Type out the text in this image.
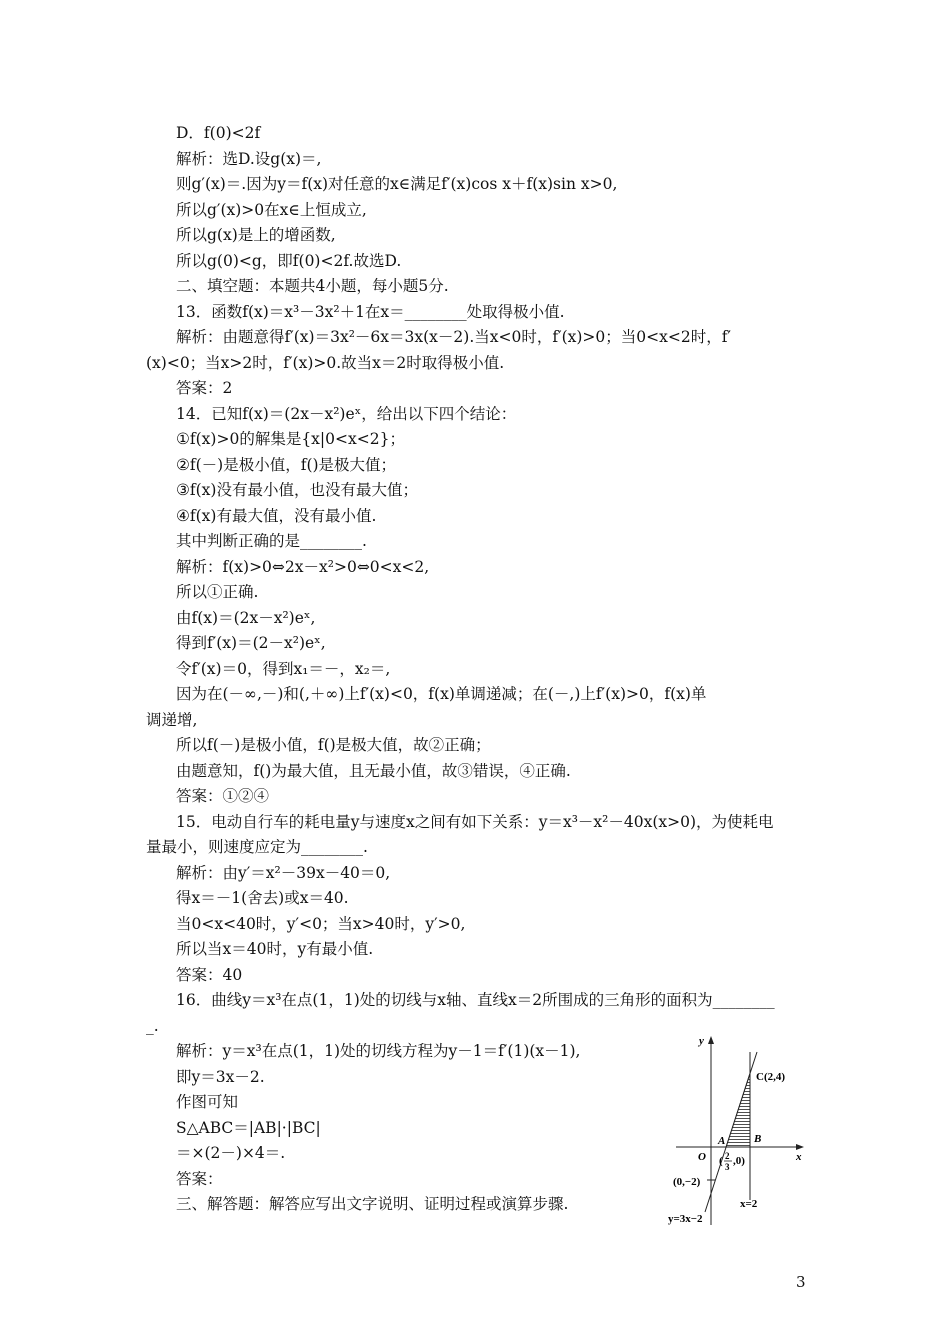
D．f(0)<2f
解析：选D.设g(x)＝,
则g′(x)＝.因为y＝f(x)对任意的x∈满足f′(x)cos x＋f(x)sin x>0,
所以g′(x)>0在x∈上恒成立,
所以g(x)是上的增函数,
所以g(0)<g，即f(0)<2f.故选D.
二、填空题：本题共4小题，每小题5分.
13．函数f(x)＝x³－3x²＋1在x＝________处取得极小值.
解析：由题意得f′(x)＝3x²－6x＝3x(x－2).当x<0时，f′(x)>0；当0<x<2时，f′
(x)<0；当x>2时，f′(x)>0.故当x＝2时取得极小值.
答案：2
14．已知f(x)＝(2x－x²)eˣ，给出以下四个结论：
①f(x)>0的解集是{x|0<x<2}；
②f(－)是极小值，f()是极大值；
③f(x)没有最小值，也没有最大值；
④f(x)有最大值，没有最小值.
其中判断正确的是________.
解析：f(x)>0⇔2x－x²>0⇔0<x<2,
所以①正确.
由f(x)＝(2x－x²)eˣ,
得到f′(x)＝(2－x²)eˣ,
令f′(x)＝0，得到x₁＝－，x₂＝,
因为在(－∞,－)和(,＋∞)上f′(x)<0，f(x)单调递减；在(－,)上f′(x)>0，f(x)单
调递增,
所以f(－)是极小值，f()是极大值，故②正确；
由题意知，f()为最大值，且无最小值，故③错误，④正确.
答案：①②④
15．电动自行车的耗电量y与速度x之间有如下关系：y＝x³－x²－40x(x>0)，为使耗电
量最小，则速度应定为________.
解析：由y′＝x²－39x－40＝0,
得x＝－1(舍去)或x＝40.
当0<x<40时，y′<0；当x>40时，y′>0,
所以当x＝40时，y有最小值.
答案：40
16．曲线y＝x³在点(1，1)处的切线与x轴、直线x＝2所围成的三角形的面积为________
_.
解析：y＝x³在点(1，1)处的切线方程为y－1＝f′(1)(x－1),
即y＝3x－2.
作图可知
S△ABC＝|AB|·|BC|
＝×(2－)×4＝.
答案：
三、解答题：解答应写出文字说明、证明过程或演算步骤.
y
x
O
A	B
C(2,4)
( 2
3 ,0)
(0,−2)
x=2
y=3x−2
3
